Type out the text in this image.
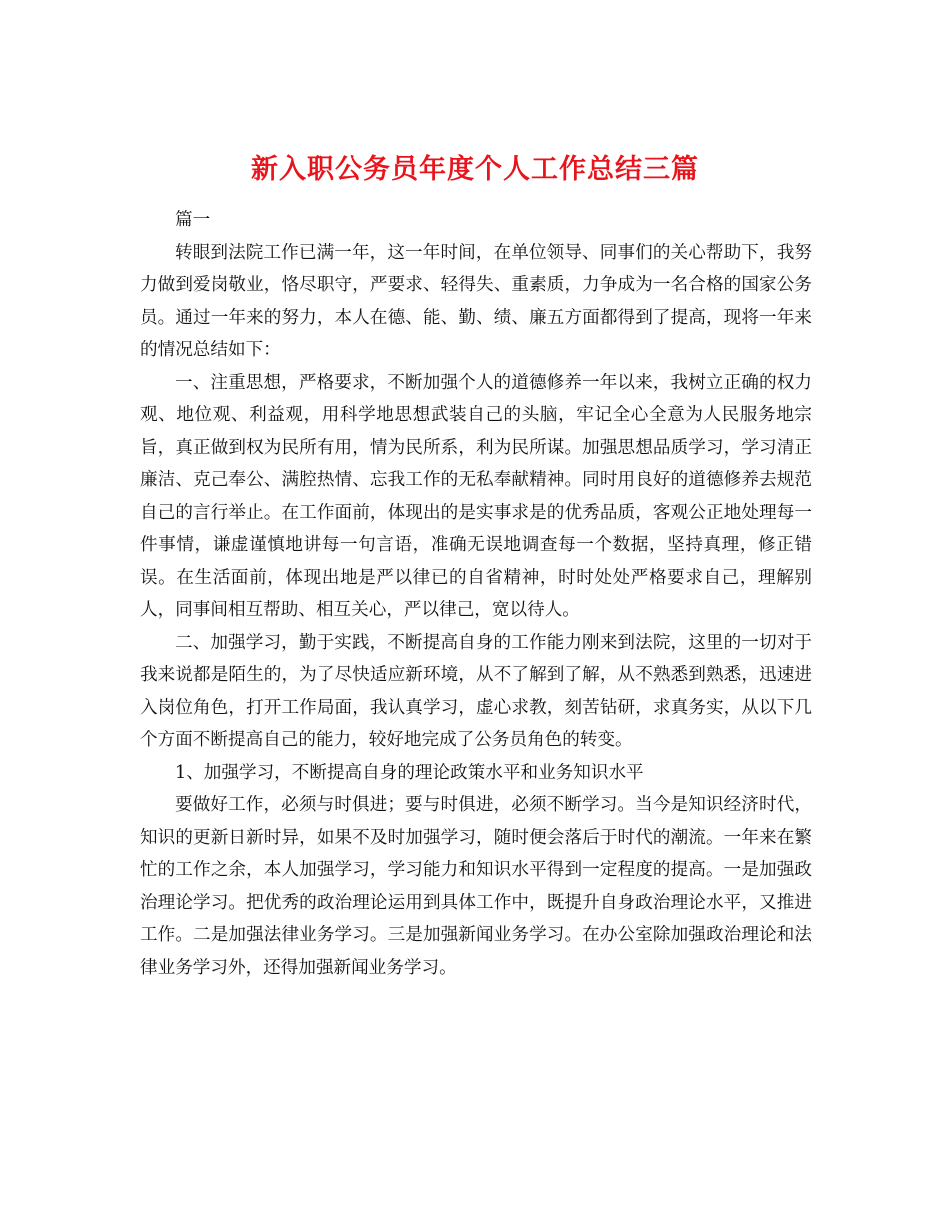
新入职公务员年度个人工作总结三篇

篇一

转眼到法院工作已满一年，这一年时间，在单位领导、同事们的关心帮助下，我努力做到爱岗敬业，恪尽职守，严要求、轻得失、重素质，力争成为一名合格的国家公务员。通过一年来的努力，本人在德、能、勤、绩、廉五方面都得到了提高，现将一年来的情况总结如下：

一、注重思想，严格要求，不断加强个人的道德修养一年以来，我树立正确的权力观、地位观、利益观，用科学地思想武装自己的头脑，牢记全心全意为人民服务地宗旨，真正做到权为民所有用，情为民所系，利为民所谋。加强思想品质学习，学习清正廉洁、克己奉公、满腔热情、忘我工作的无私奉献精神。同时用良好的道德修养去规范自己的言行举止。在工作面前，体现出的是实事求是的优秀品质，客观公正地处理每一件事情，谦虚谨慎地讲每一句言语，准确无误地调查每一个数据，坚持真理，修正错误。在生活面前，体现出地是严以律已的自省精神，时时处处严格要求自己，理解别人，同事间相互帮助、相互关心，严以律己，宽以待人。

二、加强学习，勤于实践，不断提高自身的工作能力刚来到法院，这里的一切对于我来说都是陌生的，为了尽快适应新环境，从不了解到了解，从不熟悉到熟悉，迅速进入岗位角色，打开工作局面，我认真学习，虚心求教，刻苦钻研，求真务实，从以下几个方面不断提高自己的能力，较好地完成了公务员角色的转变。

1、加强学习，不断提高自身的理论政策水平和业务知识水平

要做好工作，必须与时俱进；要与时俱进，必须不断学习。当今是知识经济时代，知识的更新日新时异，如果不及时加强学习，随时便会落后于时代的潮流。一年来在繁忙的工作之余，本人加强学习，学习能力和知识水平得到一定程度的提高。一是加强政治理论学习。把优秀的政治理论运用到具体工作中，既提升自身政治理论水平，又推进工作。二是加强法律业务学习。三是加强新闻业务学习。在办公室除加强政治理论和法律业务学习外，还得加强新闻业务学习。
